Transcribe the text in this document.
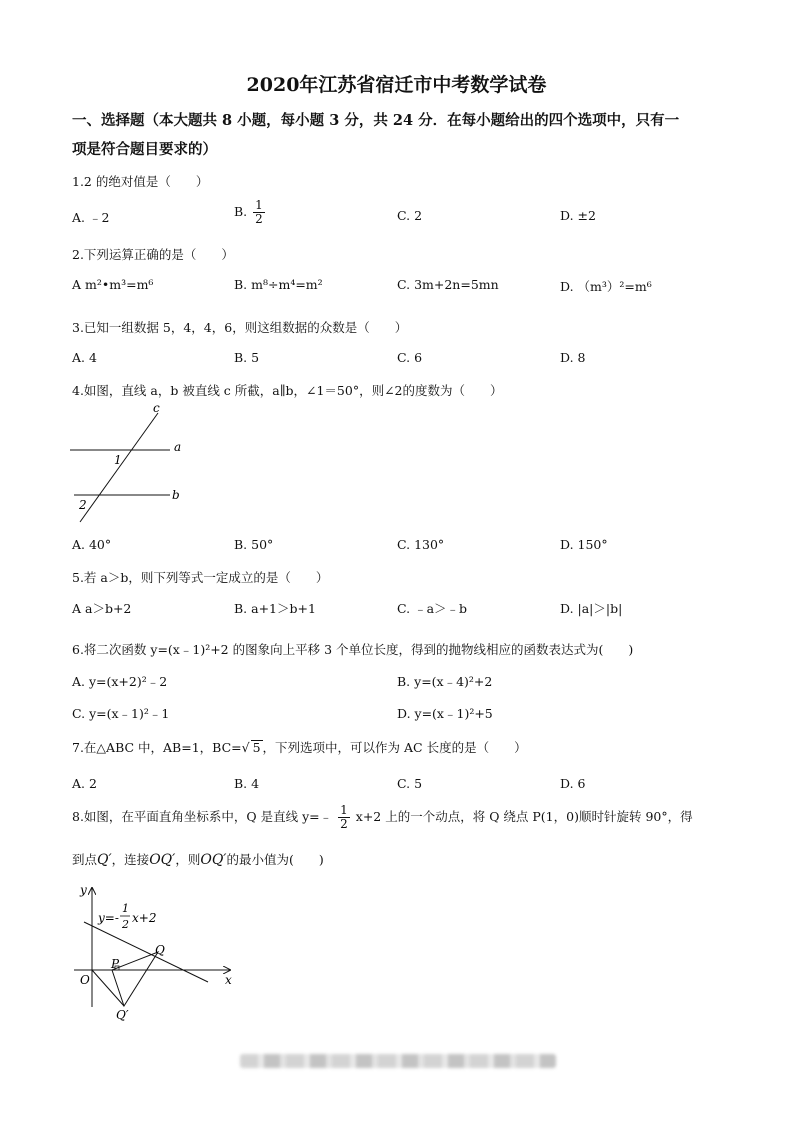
2020年江苏省宿迁市中考数学试卷
一、选择题（本大题共 8 小题，每小题 3 分，共 24 分．在每小题给出的四个选项中，只有一
项是符合题目要求的）
1.2 的绝对值是（　　）
A. ﹣2	B. $\frac{1}{2}$	C. 2	D. ±2
2.下列运算正确的是（　　）
A m²•m³=m⁶	B. m⁸÷m⁴=m²	C. 3m+2n=5mn	D. （m³）²=m⁶
3.已知一组数据 5，4，4，6，则这组数据的众数是（　　）
A. 4	B. 5	C. 6	D. 8
4.如图，直线 a，b 被直线 c 所截，a∥b，∠1＝50°，则∠2的度数为（　　）
c
a
b
1
2
A. 40°	B. 50°	C. 130°	D. 150°
5.若 a＞b，则下列等式一定成立的是（　　）
A a＞b+2	B. a+1＞b+1	C. ﹣a＞﹣b	D. |a|＞|b|
6.将二次函数 y=(x﹣1)²+2 的图象向上平移 3 个单位长度，得到的抛物线相应的函数表达式为(　　)
A. y=(x+2)²﹣2	B. y=(x﹣4)²+2
C. y=(x﹣1)²﹣1	D. y=(x﹣1)²+5
7.在△ABC 中，AB=1，BC=√ 5 ，下列选项中，可以作为 AC 长度的是（　　）
A. 2	B. 4	C. 5	D. 6
8.如图，在平面直角坐标系中，Q 是直线 y=﹣ $\frac{1}{2} x+2$ 上的一个动点，将 Q 绕点 P(1，0)顺时针旋转 90°，得
到点Q′，连接OQ′，则OQ′的最小值为(　　)
y
x
O
P
Q
Q′
y=-
1
2 x+2
